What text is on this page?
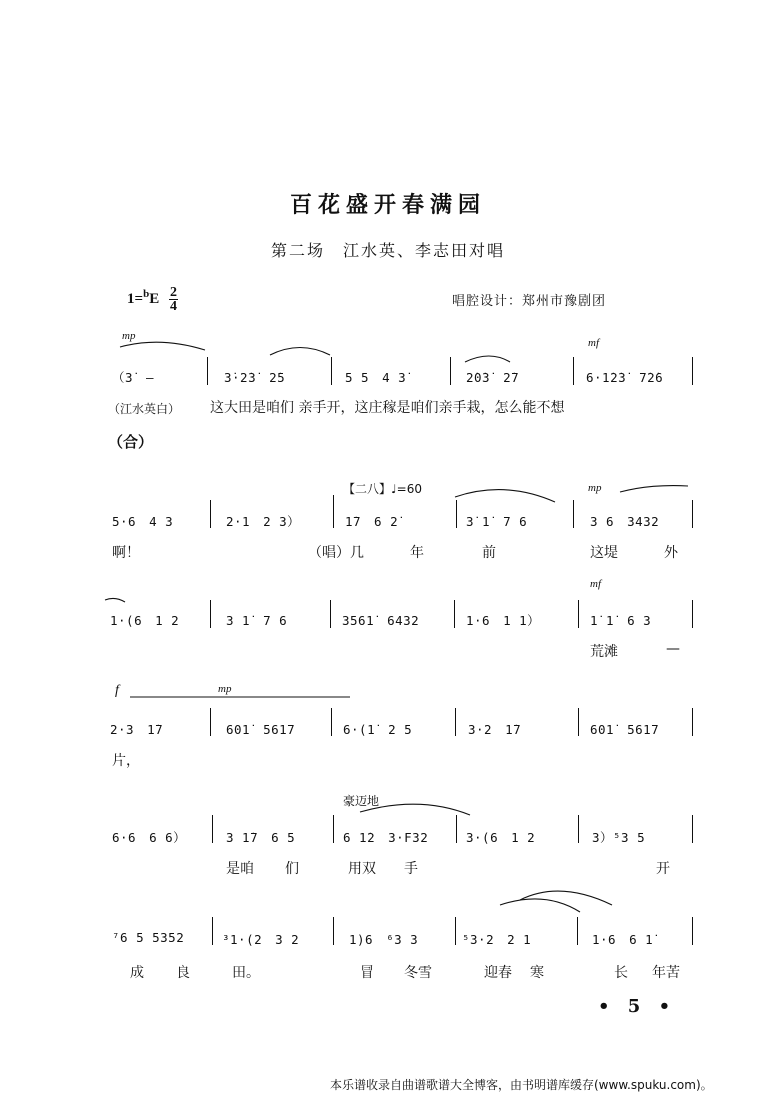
百花盛开春满园
第二场　江水英、李志田对唱
$1=^bE \frac{2}{4}$	唱腔设计：郑州市豫剧团
mp
mf
（3̇　—	3̇·2̇3̇　2̇5	5 5　4 3̇	2̇0̇3̇　2̇7	6·1̇2̇3̇　7̇2̇6
（江水英白） 这大田是咱们 亲手开，这庄稼是咱们亲手栽，怎么能不想
（合）
【二八】♩=60	mp
5·6　4 3	2·1　2 3）	1̇7　6 2̇	3̇ 1̇　7 6	3 6　3432
啊！	（唱）几	年	前	这堤	外
mf
1·(6　1 2	3 1̇　7 6	3561̇　6432	1·6　1 1）	1̇ 1̇　6 3
荒滩	—
f	mp
2·3　1̇7	601̇　5617	6·(1̇　2 5	3·2　1̇7	601̇　5617
片，
豪迈地
6·6　6 6）	3 1̇7　6 5	6 1̇2　3·F32	3·(6　1 2	3）⁵3 5
是咱 们	用双 手	开
⁷6 5 5352	³1·(2　3 2	1)6　⁶3 3	⁵3·2　2 1	1·6　6 1̇
成 良	田。	冒 冬雪	迎春 寒	长 年苦
• 5 •
本乐谱收录自曲谱歌谱大全博客，由书明谱库缓存(www.spuku.com)。
